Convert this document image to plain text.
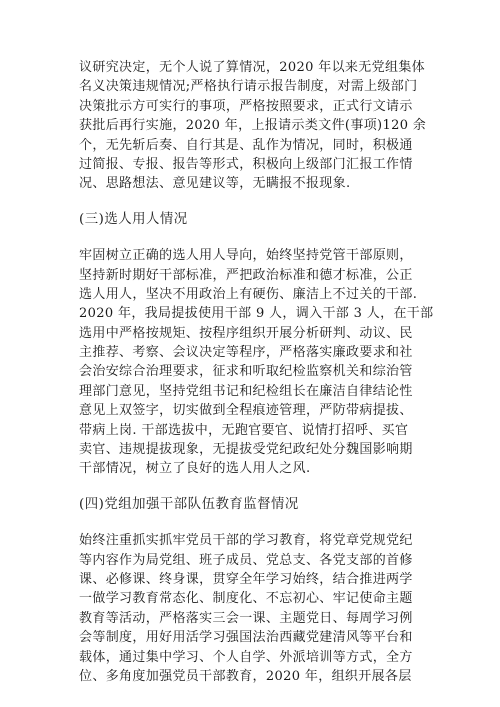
议研究决定，无个人说了算情况，2020 年以来无党组集体
名义决策违规情况;严格执行请示报告制度，对需上级部门
决策批示方可实行的事项，严格按照要求，正式行文请示
获批后再行实施，2020 年，上报请示类文件(事项)120 余
个，无先斩后奏、自行其是、乱作为情况，同时，积极通
过简报、专报、报告等形式，积极向上级部门汇报工作情
况、思路想法、意见建议等，无瞒报不报现象.
(三)选人用人情况
牢固树立正确的选人用人导向，始终坚持党管干部原则，
坚持新时期好干部标准，严把政治标准和德才标准，公正
选人用人，坚决不用政治上有硬伤、廉洁上不过关的干部.
2020 年，我局提拔使用干部 9 人，调入干部 3 人，在干部
选用中严格按规矩、按程序组织开展分析研判、动议、民
主推荐、考察、会议决定等程序，严格落实廉政要求和社
会治安综合治理要求，征求和听取纪检监察机关和综治管
理部门意见，坚持党组书记和纪检组长在廉洁自律结论性
意见上双签字，切实做到全程痕迹管理，严防带病提拔、
带病上岗. 干部选拔中，无跑官要官、说情打招呼、买官
卖官、违规提拔现象，无提拔受党纪政纪处分魏国影响期
干部情况，树立了良好的选人用人之风.
(四)党组加强干部队伍教育监督情况
始终注重抓实抓牢党员干部的学习教育，将党章党规党纪
等内容作为局党组、班子成员、党总支、各党支部的首修
课、必修课、终身课，贯穿全年学习始终，结合推进两学
一做学习教育常态化、制度化、不忘初心、牢记使命主题
教育等活动，严格落实三会一课、主题党日、每周学习例
会等制度，用好用活学习强国法治西藏党建清风等平台和
载体，通过集中学习、个人自学、外派培训等方式，全方
位、多角度加强党员干部教育，2020 年，组织开展各层
